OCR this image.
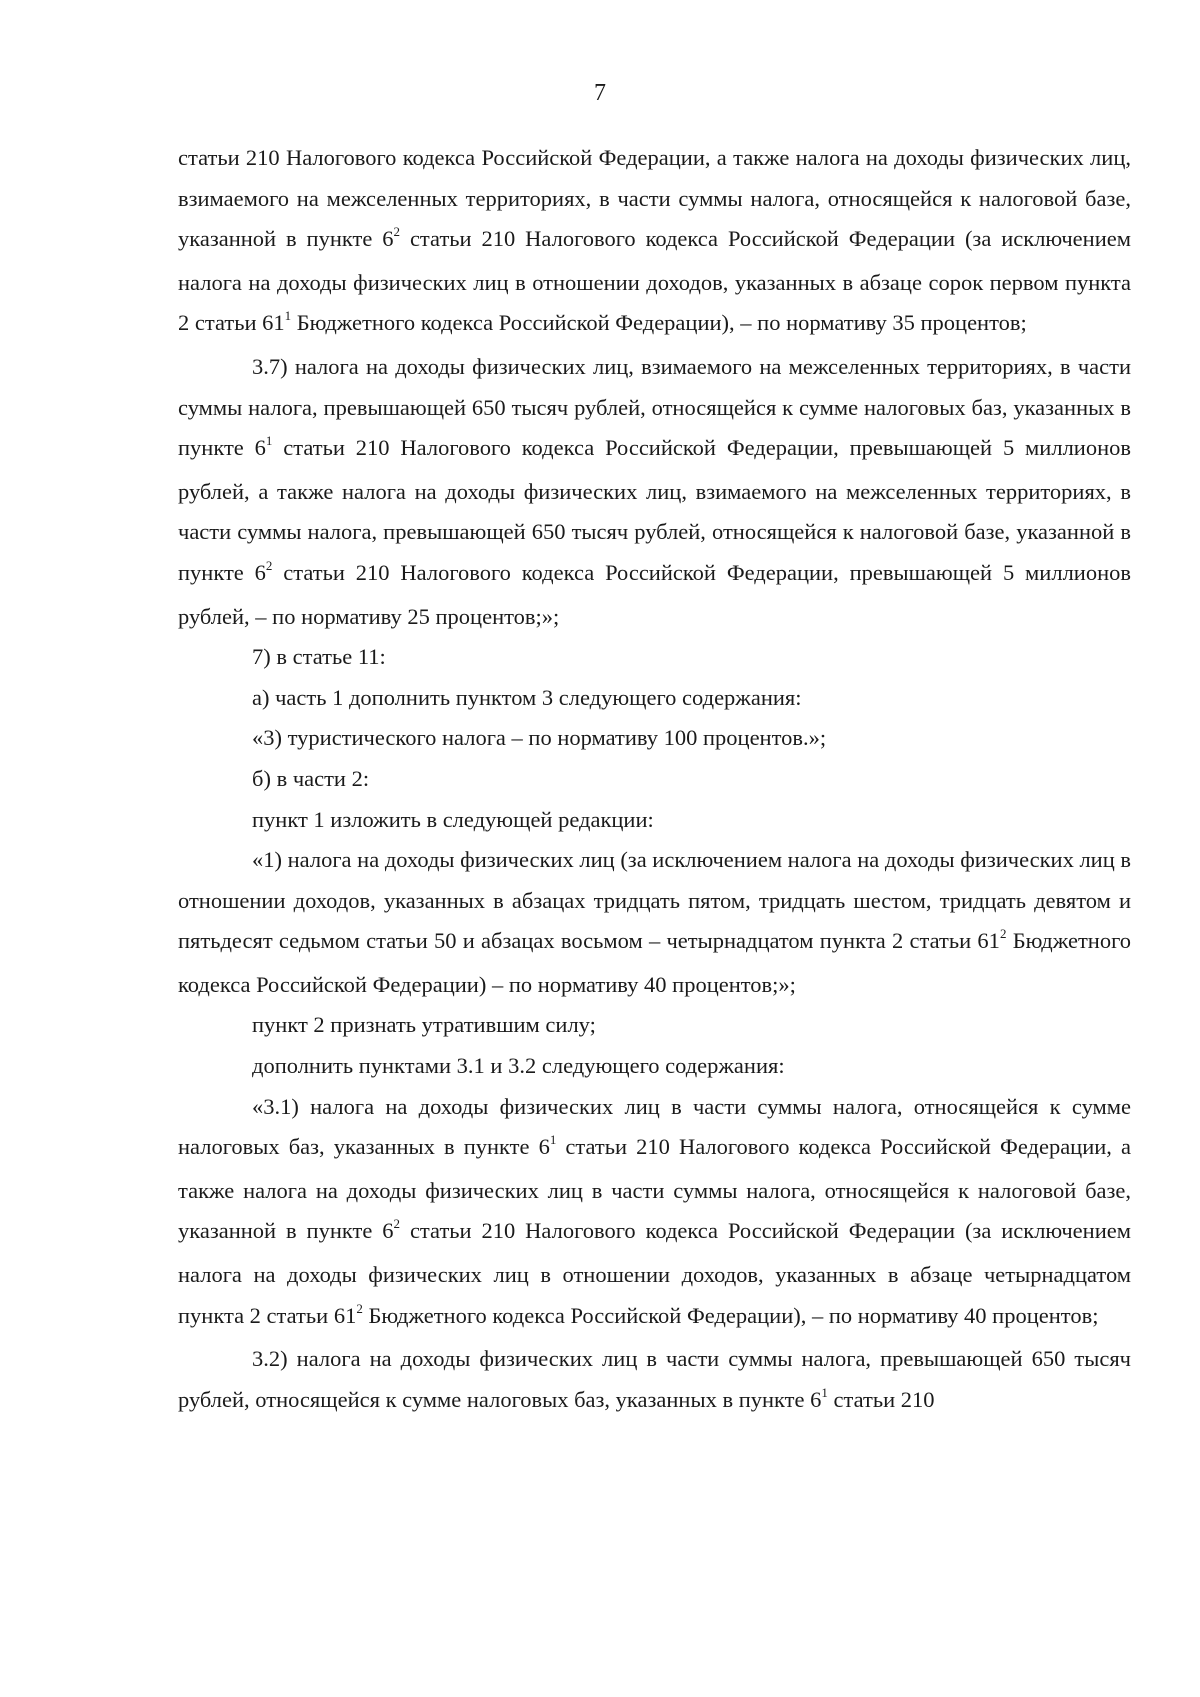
7

статьи 210 Налогового кодекса Российской Федерации, а также налога на доходы физических лиц, взимаемого на межселенных территориях, в части суммы налога, относящейся к налоговой базе, указанной в пункте $6^2$ статьи 210 Налогового кодекса Российской Федерации (за исключением налога на доходы физических лиц в отношении доходов, указанных в абзаце сорок первом пункта 2 статьи $61^1$ Бюджетного кодекса Российской Федерации), – по нормативу 35 процентов;

3.7) налога на доходы физических лиц, взимаемого на межселенных территориях, в части суммы налога, превышающей 650 тысяч рублей, относящейся к сумме налоговых баз, указанных в пункте $6^1$ статьи 210 Налогового кодекса Российской Федерации, превышающей 5 миллионов рублей, а также налога на доходы физических лиц, взимаемого на межселенных территориях, в части суммы налога, превышающей 650 тысяч рублей, относящейся к налоговой базе, указанной в пункте $6^2$ статьи 210 Налогового кодекса Российской Федерации, превышающей 5 миллионов рублей, – по нормативу 25 процентов;»;

7) в статье 11:

а) часть 1 дополнить пунктом 3 следующего содержания:

«3) туристического налога – по нормативу 100 процентов.»;

б) в части 2:

пункт 1 изложить в следующей редакции:

«1) налога на доходы физических лиц (за исключением налога на доходы физических лиц в отношении доходов, указанных в абзацах тридцать пятом, тридцать шестом, тридцать девятом и пятьдесят седьмом статьи 50 и абзацах восьмом – четырнадцатом пункта 2 статьи $61^2$ Бюджетного кодекса Российской Федерации) – по нормативу 40 процентов;»;

пункт 2 признать утратившим силу;

дополнить пунктами 3.1 и 3.2 следующего содержания:

«3.1) налога на доходы физических лиц в части суммы налога, относящейся к сумме налоговых баз, указанных в пункте $6^1$ статьи 210 Налогового кодекса Российской Федерации, а также налога на доходы физических лиц в части суммы налога, относящейся к налоговой базе, указанной в пункте $6^2$ статьи 210 Налогового кодекса Российской Федерации (за исключением налога на доходы физических лиц в отношении доходов, указанных в абзаце четырнадцатом пункта 2 статьи $61^2$ Бюджетного кодекса Российской Федерации), – по нормативу 40 процентов;

3.2) налога на доходы физических лиц в части суммы налога, превышающей 650 тысяч рублей, относящейся к сумме налоговых баз, указанных в пункте $6^1$ статьи 210
